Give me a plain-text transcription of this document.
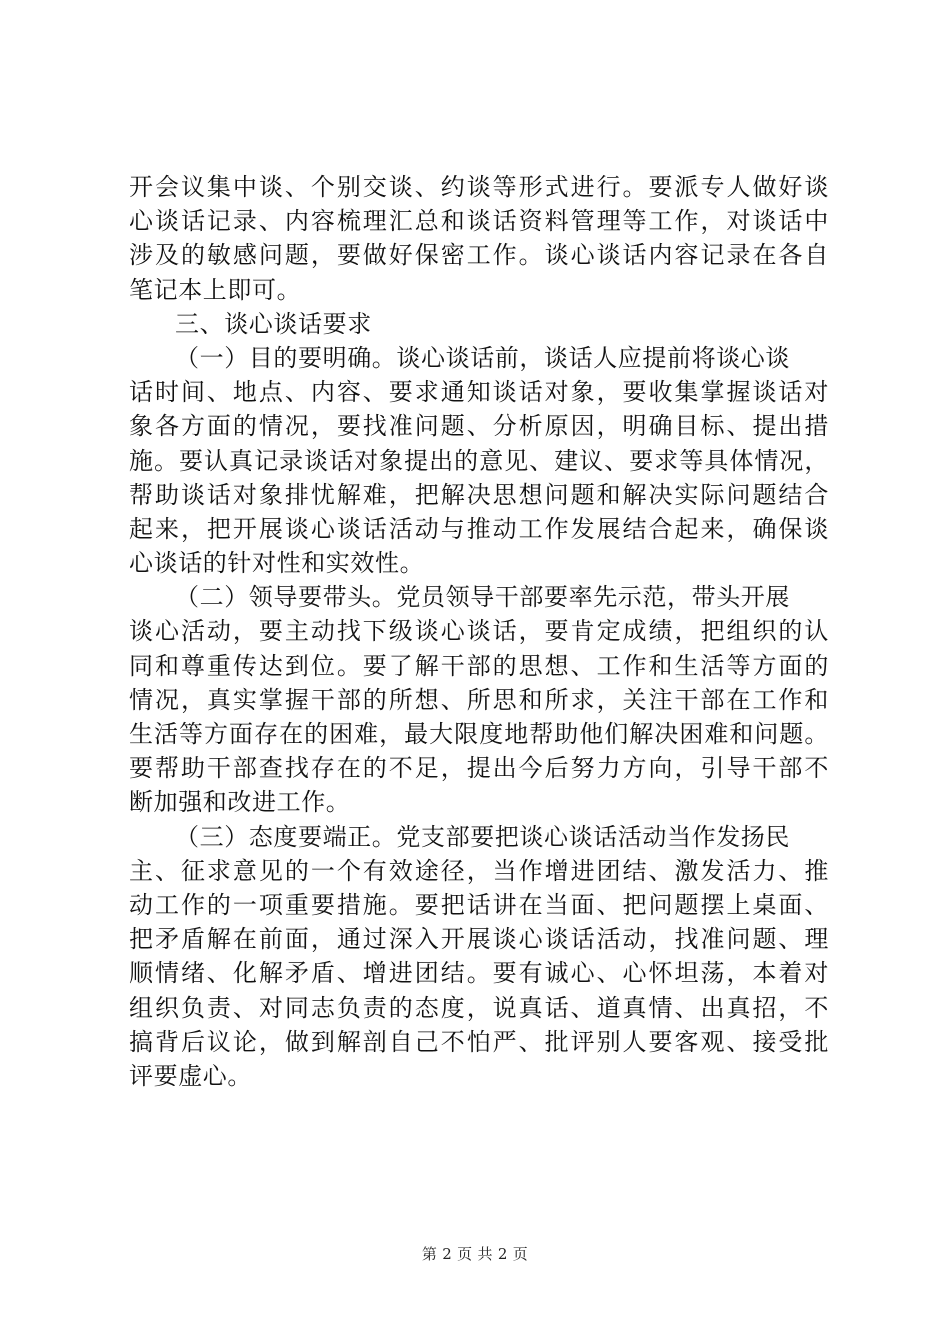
开会议集中谈、个别交谈、约谈等形式进行。要派专人做好谈
心谈话记录、内容梳理汇总和谈话资料管理等工作，对谈话中
涉及的敏感问题，要做好保密工作。谈心谈话内容记录在各自
笔记本上即可。
三、谈心谈话要求
（一）目的要明确。谈心谈话前，谈话人应提前将谈心谈
话时间、地点、内容、要求通知谈话对象，要收集掌握谈话对
象各方面的情况，要找准问题、分析原因，明确目标、提出措
施。要认真记录谈话对象提出的意见、建议、要求等具体情况，
帮助谈话对象排忧解难，把解决思想问题和解决实际问题结合
起来，把开展谈心谈话活动与推动工作发展结合起来，确保谈
心谈话的针对性和实效性。
（二）领导要带头。党员领导干部要率先示范，带头开展
谈心活动，要主动找下级谈心谈话，要肯定成绩，把组织的认
同和尊重传达到位。要了解干部的思想、工作和生活等方面的
情况，真实掌握干部的所想、所思和所求，关注干部在工作和
生活等方面存在的困难，最大限度地帮助他们解决困难和问题。
要帮助干部查找存在的不足，提出今后努力方向，引导干部不
断加强和改进工作。
（三）态度要端正。党支部要把谈心谈话活动当作发扬民
主、征求意见的一个有效途径，当作增进团结、激发活力、推
动工作的一项重要措施。要把话讲在当面、把问题摆上桌面、
把矛盾解在前面，通过深入开展谈心谈话活动，找准问题、理
顺情绪、化解矛盾、增进团结。要有诚心、心怀坦荡，本着对
组织负责、对同志负责的态度，说真话、道真情、出真招，不
搞背后议论，做到解剖自己不怕严、批评别人要客观、接受批
评要虚心。
第 2 页 共 2 页
